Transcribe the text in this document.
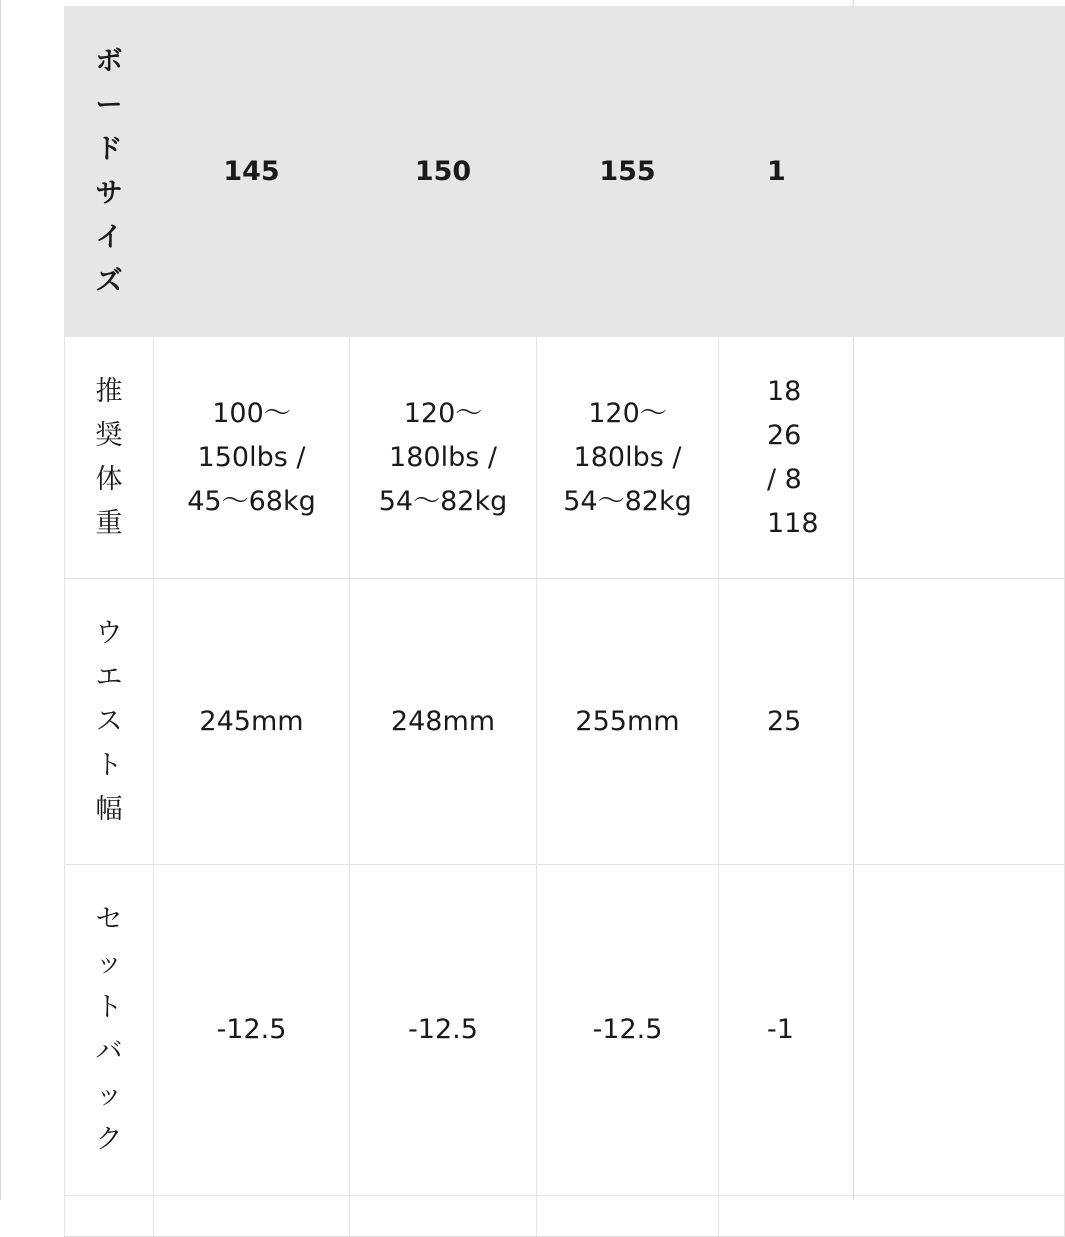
ボードサイズ	145	150	155	1
推奨体重	100〜150lbs / 45〜68kg	120〜180lbs / 54〜82kg	120〜180lbs / 54〜82kg	18 26 / 8 118
ウエスト幅	245mm	248mm	255mm	25
セットバック	-12.5	-12.5	-12.5	-1
